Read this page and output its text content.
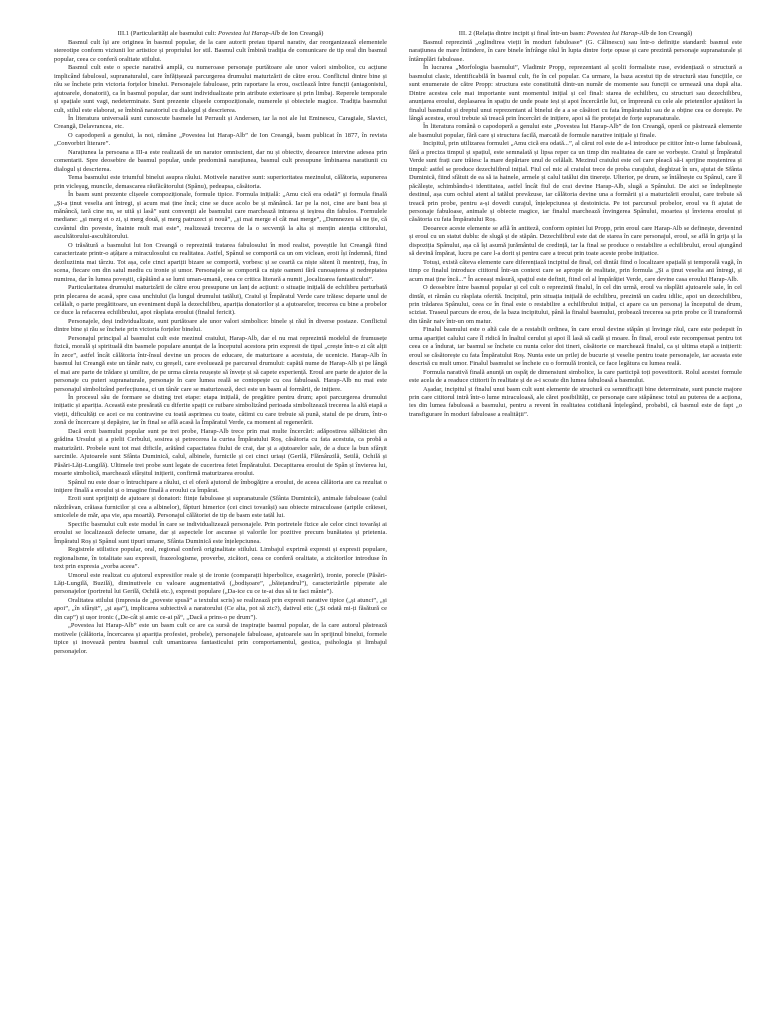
III.1 (Particularități ale basmului cult: Povestea lui Harap-Alb de Ion Creangă)

Basmul cult își are originea în basmul popular, de la care autorii preiau tiparul narativ, dar reorganizează elementele stereotipe conform viziunii lor artistice și propriului lor stil. Basmul cult îmbină tradiția de comunicare de tip oral din basmul popular, ceea ce conferă oralitate stilului.

Basmul cult este o specie narativă amplă, cu numeroase personaje purtătoare ale unor valori simbolice, cu acțiune implicând fabulosul, supranaturalul, care înfățișează parcurgerea drumului maturizării de către erou. Conflictul dintre bine și rău se încheie prin victoria forțelor binelui. Personajele fabuloase, prin raportare la erou, oscilează între funcții (antagonistul, ajutoarele, donatorii), ca în basmul popular, dar sunt individualizate prin atribute exterioare și prin limbaj. Reperele temporale și spațiale sunt vagi, nedeterminate. Sunt prezente clișeele compoziționale, numerele și obiectele magice. Tradiția basmului cult, stilul este elaborat, se îmbină naratoriul cu dialogul și descrierea.

În literatura universală sunt cunoscute basmele lui Perrault și Andersen, iar la noi ale lui Eminescu, Caragiale, Slavici, Creangă, Delavrancea, etc.

O capodoperă a genului, la noi, rămâne „Povestea lui Harap-Alb” de Ion Creangă, basm publicat în 1877, în revista „Convorbiri literare”.

Narațiunea la persoana a III-a este realizată de un narator omniscient, dar nu și obiectiv, deoarece intervine adesea prin comentarii. Spre deosebire de basmul popular, unde predomină narațiunea, basmul cult presupune îmbinarea naratiunii cu dialogul și descrierea.

Tema basmului este triumful binelui asupra răului. Motivele narative sunt: superioritatea mezinului, călătoria, supunerea prin vicleșug, muncile, demascarea răufăcătorului (Spânu), pedeapsa, căsătoria.

În basm sunt prezente clișeele compoziționale, formule tipice. Formula inițială: „Amu cică era odată” și formula finală „Și-a ținut veselia ani întregi, și acum mai ține încă; cine se duce acolo be și mănâncă. Iar pe la noi, cine are bani bea și mănâncă, iară cine nu, se uită și lasă” sunt convenții ale basmului care marchează intrarea și ieșirea din fabulos. Formulele mediane: „și merg ei o zi, și merg două, și merg patruzeci și nouă”, „și mai merge el cât mai merge”, „Dumnezeu să ne ție, că cuvântul din poveste, înainte mult mai este”, realizează trecerea de la o secvență la alta și mențin atenția cititorului, ascultătorului-ascultătorului.

O trăsătură a basmului lui Ion Creangă o reprezintă tratarea fabulosului în mod realist, poveștile lui Creangă fiind caracterizate printr-o ațâțare a miraculosului cu realitatea. Astfel, Spânul se comportă ca un om viclean, eroii își îndemnă, fiind deziluziinta mai târziu. Tot așa, cele cinci apariții bizare se comportă, vorbesc și se ceartă ca niște săteni îi mentreți, fraș, în scena, fiecare om din satul mediu cu ironie și umor. Personajele se comportă ca niște oameni fără cunoașterea și nedreptatea numirea, dar în lumea poveștii, căpătând a se lumi uman-umană, ceea ce critica literară a numit „localizarea fantasticului”.

Particularitatea drumului maturizării de către erou presupune un lanț de acțiuni: o situație inițială de echilibru perturbată prin plecarea de acasă, spre casa unchiului (la lungul drumului tatălui), Craiul și Împăratul Verde care trăiesc departe unul de celălalt, o parte pregătitoare, un eveniment după la dezechilibru, apariția donatorilor și a ajutoarelor, trecerea cu bine a probelor ce duce la refacerea echilibrului, apoi răsplata eroului (finalul fericit).

Personajele, deși individualizate, sunt purtătoare ale unor valori simbolice: binele și răul în diverse postaze. Conflictul dintre bine și rău se încheie prin victoria forțelor binelui.

Personajul principal al basmului cult este mezinul craiului, Harap-Alb, dar el nu mai reprezintă modelul de frumusețe fizică, morală și spirituală din basmele populare anunțat de la începutul acestora prin expresii de tipul „crește într-o zi cât alții în zece”, astfel încât călătoria într-însul devine un proces de educare, de maturizare a acestuia, de ucenicie. Harap-Alb în basmul lui Creangă este un tânăr naiv, cu greșeli, care evoluează pe parcursul drumului: capătă nume de Harap-Alb și pe lângă el mai are parte de trădare și umilire, de pe urma căreia reușește să învețe și să capete experiență. Eroul are parte de ajutor de la personaje cu puteri supranaturale, personaje în care lumea reală se contopește cu cea fabuloasă. Harap-Alb nu mai este personajul simbolizând perfecțiunea, ci un tânăr care se maturizează, deci este un basm al formării, de inițiere.

În procesul său de formare se disting trei etape: etapa inițială, de pregătire pentru drum; apoi parcurgerea drumului inițiatic și apariția. Această este presărată cu diferite spații ce ruibare simbolizând perioada simbolizează trecerea la altă etapă a vieții, dificultăți ce acei ce nu contravine cu toată asprimea cu toate, câtimi cu care trebuie să pună, statul de pe drum, într-o zonă de încercare și depășire, iar în final se află acasă la Împăratul Verde, ca moment al regenerării.

Dacă eroii basmului popular sunt pe trei probe, Harap-Alb trece prin mai multe încercări: adăpostirea sălbăticiei din grădina Ursului și a pielii Cerbului, sosirea și petrecerea la curtea Împăratului Roș, căsătoria cu fata acestuia, ca probă a maturizării. Probele sunt tot mai dificile, arătând capacitatea fiului de crai, dar și a ajutoarelor sale, de a duce la bun sfârșit sarcinile. Ajutoarele sunt Sfânta Duminică, calul, albinele, furnicile și cei cinci uriași (Gerilă, Flămânzilă, Setilă, Ochilă și Păsări-Lăți-Lungilă). Ultimele trei probe sunt legate de cucerirea fetei Împăratului. Decapitarea eroului de Spân și învierea lui, moarte simbolică, marchează sfârșitul inițierii, confirmă maturizarea eroului.

Spânul nu este doar o întruchipare a răului, ci el oferă ajutorul de îmbogățire a eroului, de aceea călătoria are ca rezultat o iniţiere finală a eroului și o imagine finală a eroului ca împărat.

Eroii sunt sprijiniți de ajutoare și donatori: ființe fabuloase și supranaturale (Sfânta Duminică), animale fabuloase (calul năzdrăvan, crăiasa furnicilor și cea a albinelor), făpturi himerice (cei cinci tovarăși) sau obiecte miraculoase (aripile crăiesei, smicelele de măr, apa vie, apa moartă). Personajul călătoriei de tip de basm este tatăl lui.

Specific basmului cult este modul în care se individualizează personajele. Prin portretele fizice ale celor cinci tovarăși ai eroului se localizează defecte umane, dar și aspectele lor ascunse și valorile lor pozitive precum bunătatea și prietenia. Împăratul Roș și Spânul sunt tipuri umane, Sfânta Duminică este înțelepciunea.

Registrele stilistice popular, oral, regional conferă originalitate stilului. Limbajul exprimă expresii și expresii populare, regionalisme, în totalitate sau expresii, frazeologisme, proverbe, zicători, ceea ce conferă oralitate, a zicătorilor introduse în text prin expresia „vorba aceea”.

Umorul este realizat cu ajutorul expresiilor reale și de ironie (comparații hiperbolice, exagerări), ironie, porecle (Păsări-Lăți-Lungilă, Buzilă), diminutivele cu valoare augmentativă („bodișoare”, „băiețandrul”), caracterizările piperate ale personajelor (portretul lui Gerilă, Ochilă etc.), expresii populare („Da-ice cu ce te-ai dus să te faci mânie”).

Oralitatea stilului (impresia de „poveste spusă” a textului scris) se realizează prin expresii narative tipice („și atunci”, „și apoi”, „în sfârșit”, „și așa”), implicarea subiectivă a naratorului (Ce alta, pot să zic?), dativul etic („Și odată mi-ți făsătură ce din cap”) și ușor ironic („De-cât și amic ce-ai pă“, „Dacă a prins-o pe drum”).

„Povestea lui Harap-Alb” este un basm cult ce are ca sursă de inspirație basmul popular, de la care autorul păstrează motivele (călătoria, încercarea și apariția profesiei, probele), personajele fabuloase, ajutoarele sau în sprijinul binelui, formele tipice și inovează pentru basmul cult umanizarea fantasticului prin comportamentul, gestica, psihologia și limbajul personajelor.

III. 2 (Relația dintre incipit și final într-un basm: Povestea lui Harap-Alb de Ion Creangă)

Basmul reprezintă „oglindirea vieții în moduri fabuloase” (G. Călinescu) sau într-o definiție standard: basmul este narațiunea de mare întindere, în care binele înfrânge răul în lupta dintre forțe opuse și care prezintă personaje supranaturale și întâmplări fabuloase.

În lucrarea „Morfologia basmului”, Vladimir Propp, reprezentant al școlii formaliste ruse, evidențiază o structură a basmului clasic, identificabilă în basmul cult, fie în cel popular. Ca urmare, la baza acestui tip de structură stau funcțiile, ce sunt enumerate de către Propp: structura este constituită dintr-un număr de momente sau funcții ce urmează una după alta. Dintre acestea cele mai importante sunt momentul inițial și cel final: starea de echilibru, cu structuri sau dezechilibru, anunțarea eroului, deplasarea în spațiu de unde poate ieși și apoi încercările lui, ce împreună cu cele ale prietenilor ajutători la finalul basmului și dreptul unui reprezentant al binelui de a a se căsători cu fata împăratului sau de a obține cea ce dorește. Pe lângă acestea, eroul trebuie să treacă prin încercări de inițiere, apoi să fie protejat de forțe supranaturale.

În literatura română o capodoperă a genului este „Povestea lui Harap-Alb” de Ion Creangă, operă ce păstrează elemente ale basmului popular, fără care și structura facilă, marcată de formule narative inițiale și finale.

Incipitul, prin utilizarea formulei „Amu cică era odată...”, al cărui rol este de a-l introduce pe cititor într-o lume fabuloasă, fără a preciza timpul și spațiul, este semnalată și lipsa reper ca un timp din realitatea de care se vorbește. Craiul și Împăratul Verde sunt frați care trăiesc la mare depărtare unul de celălalt. Mezinul craiului este cel care pleacă să-i sprijine moștenirea și timpul: astfel se produce dezechilibrul inițial. Fiul cel mic al craiului trece de proba curajului, deghizat în urs, ajutat de Sfânta Duminică, fiind sfătuit de ea să ia hainele, armele și calul tatălui din tinerețe. Ulterior, pe drum, se întâlnește cu Spânul, care îl păcălește, schimbându-i identitatea, astfel încât fiul de crai devine Harap-Alb, slugă a Spânului. De aici se îndeplinește destinul, așa cum ochiul atent al tatălui prevăzuse, iar călătoria devine una a formării și a maturizării eroului, care trebuie să treacă prin probe, pentru a-și dovedi curajul, înțelepciunea și destoinicia. Pe tot parcursul probelor, eroul va fi ajutat de personaje fabuloase, animale și obiecte magice, iar finalul marchează învingerea Spânului, moartea și învierea eroului și căsătoria cu fata Împăratului Roș.

Deoarece aceste elemente se află în antiteză, conform opiniei lui Propp, prin eroul care Harap-Alb se definește, devenind și eroul cu un statut dublu: de slugă și de stăpân. Dezechilibrul este dat de starea în care personajul, eroul, se află în grija și la dispoziția Spânului, așa că își asumă jurământul de credință, iar la final se produce o restabilire a echilibrului, eroul ajungând să devină împărat, lucru pe care l-a dorit și pentru care a trecut prin toate aceste probe inițiatice.

Totuși, există câteva elemente care diferențiază incipitul de final, cel dintâi fiind o localizare spațială și temporală vagă, în timp ce finalul introduce cititorul într-un context care se apropie de realitate, prin formula „Și a ținut veselia ani întregi, și acum mai ține încă...” În aceeași măsură, spațiul este definit, fiind cel al împărăției Verde, care devine casa eroului Harap-Alb.

O deosebire între basmul popular și cel cult o reprezintă finalul, în cel din urmă, eroul va răsplăti ajutoarele sale, în cel dintâi, ei rămân cu răsplata oferită. Incipitul, prin situația inițială de echilibru, prezintă un cadru idilic, apoi un dezechilibru, prin trădarea Spânului, ceea ce în final este o restabilire a echilibrului inițial, ci apare ca un personaj la începutul de drum, sciziat. Traseul parcurs de erou, de la baza incipitului, până la finalul basmului, probează trecerea sa prin probe ce îl transformă din tânăr naiv într-un om matur.

Finalul basmului este o altă cale de a restabili ordinea, în care eroul devine stăpân și învinge răul, care este pedepsit în urma apariției calului care îl ridică în înaltul cerului și apoi îl lasă să cadă și moare. În final, eroul este recompensat pentru tot ceea ce a îndurat, iar basmul se încheie cu nunta celor doi tineri, căsătorie ce marchează finalul, ca și ultima etapă a inițierii: eroul se căsătorește cu fata Împăratului Roș. Nunta este un prilej de bucurie și veselie pentru toate personajele, iar aceasta este descrisă cu mult umor. Finalul basmului se încheie cu o formulă ironică, ce face legătura cu lumea reală.

Formula narativă finală anunță un ospăț de dimensiuni simbolice, la care participă toți povestitorii. Rolul acestei formule este acela de a readuce cititorii în realitate și de a-i scoate din lumea fabuloasă a basmului.

Așadar, incipitul și finalul unui basm cult sunt elemente de structură cu semnificații bine determinate, sunt puncte majore prin care cititorul intră într-o lume miraculoasă, ale cărei posibilități, ce personaje care stăpânesc totul au puterea de a acționa, ies din lumea fabuloasă a basmului, pentru a reveni în realitatea cotidiană înțelegând, probabil, că basmul este de fapt „o transfigurare în moduri fabuloase a realității”.
